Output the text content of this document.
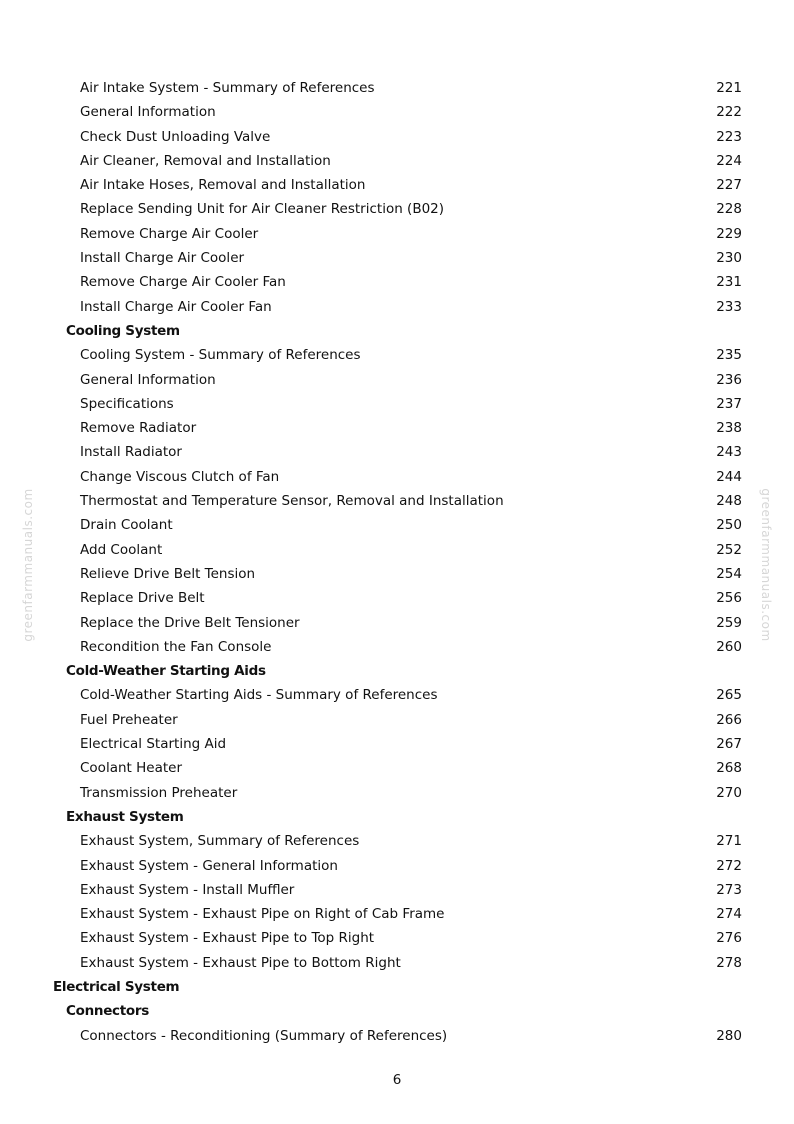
Air Intake System - Summary of References	221
General Information	222
Check Dust Unloading Valve	223
Air Cleaner, Removal and Installation	224
Air Intake Hoses, Removal and Installation	227
Replace Sending Unit for Air Cleaner Restriction (B02)	228
Remove Charge Air Cooler	229
Install Charge Air Cooler	230
Remove Charge Air Cooler Fan	231
Install Charge Air Cooler Fan	233
Cooling System
Cooling System - Summary of References	235
General Information	236
Specifications	237
Remove Radiator	238
Install Radiator	243
Change Viscous Clutch of Fan	244
Thermostat and Temperature Sensor, Removal and Installation	248
Drain Coolant	250
Add Coolant	252
Relieve Drive Belt Tension	254
Replace Drive Belt	256
Replace the Drive Belt Tensioner	259
Recondition the Fan Console	260
Cold-Weather Starting Aids
Cold-Weather Starting Aids - Summary of References	265
Fuel Preheater	266
Electrical Starting Aid	267
Coolant Heater	268
Transmission Preheater	270
Exhaust System
Exhaust System, Summary of References	271
Exhaust System - General Information	272
Exhaust System - Install Muffler	273
Exhaust System - Exhaust Pipe on Right of Cab Frame	274
Exhaust System - Exhaust Pipe to Top Right	276
Exhaust System - Exhaust Pipe to Bottom Right	278
Electrical System
Connectors
Connectors - Reconditioning (Summary of References)	280
greenfarmmanuals.com	greenfarmmanuals.com
6
